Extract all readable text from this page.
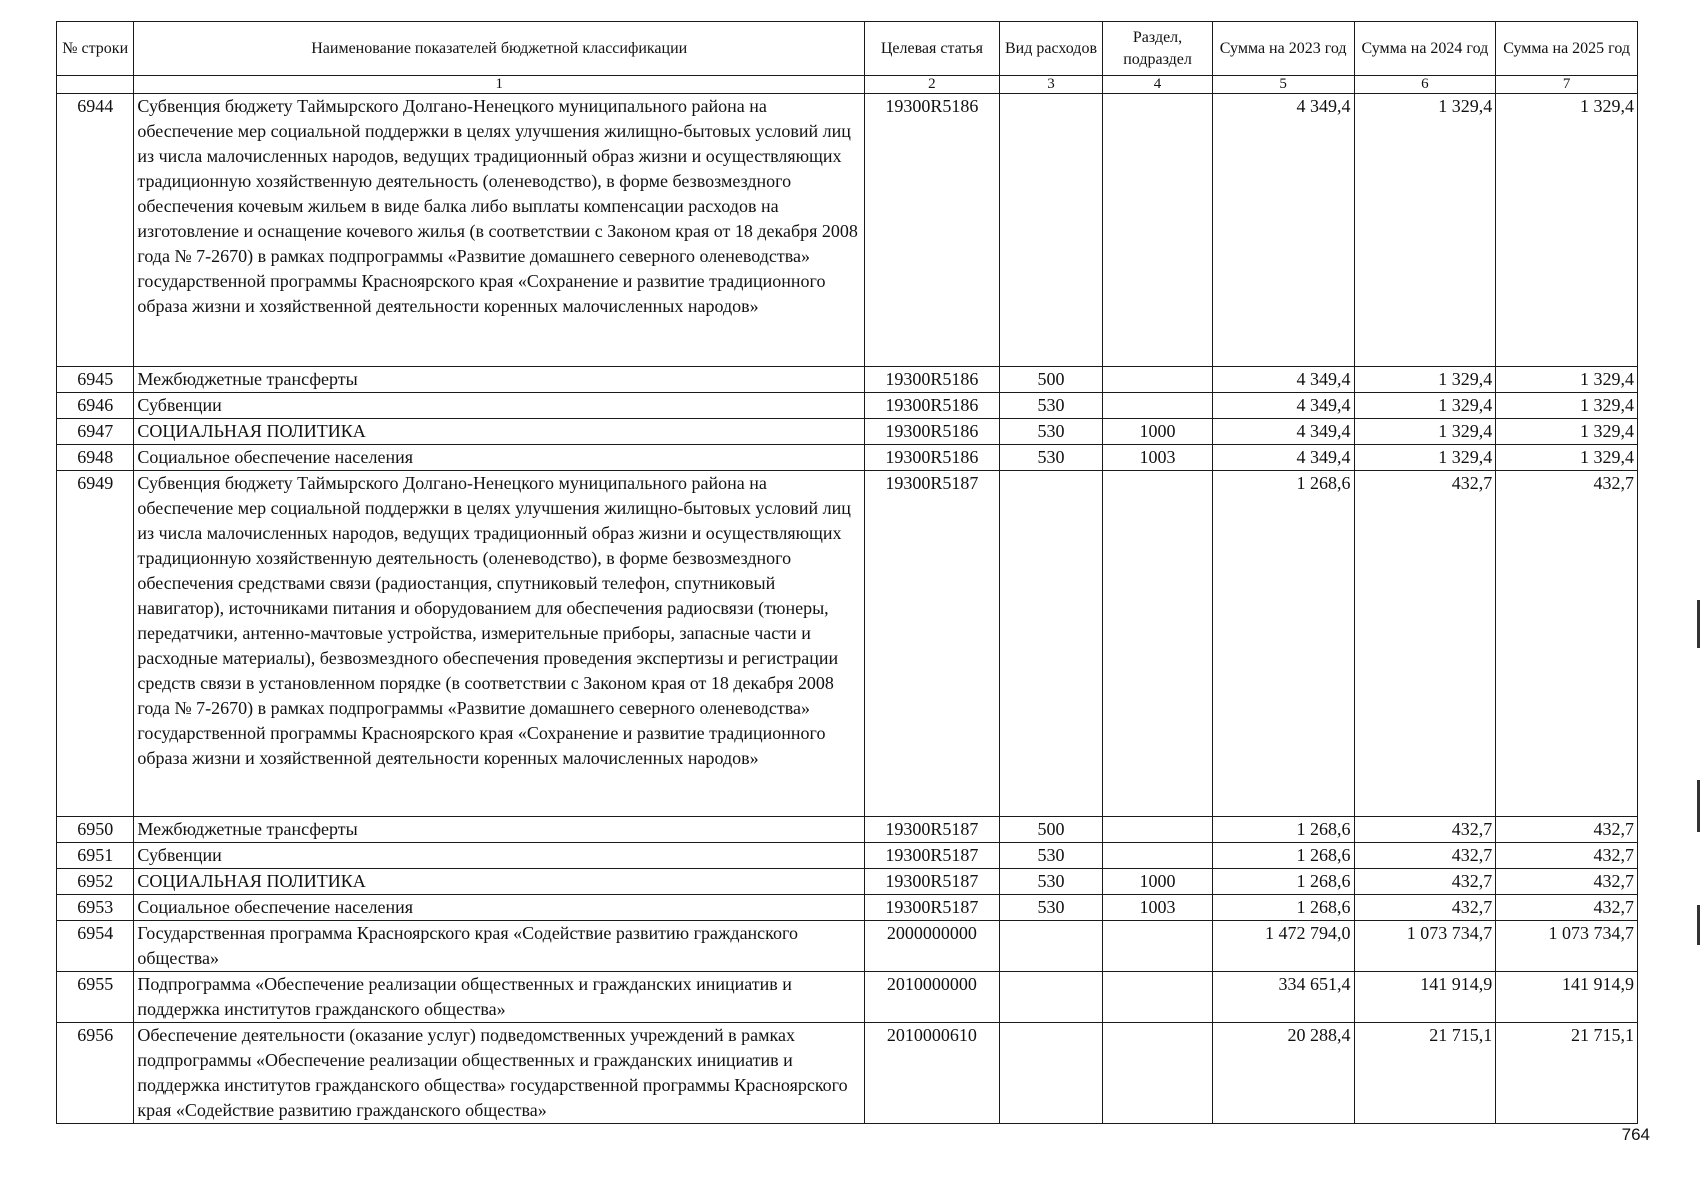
№ строки	Наименование показателей бюджетной классификации	Целевая статья	Вид расходов	Раздел, подраздел	Сумма на 2023 год	Сумма на 2024 год	Сумма на 2025 год
	1	2	3	4	5	6	7
6944	Субвенция бюджету Таймырского Долгано-Ненецкого муниципального района на обеспечение мер социальной поддержки в целях улучшения жилищно-бытовых условий лиц из числа малочисленных народов, ведущих традиционный образ жизни и осуществляющих традиционную хозяйственную деятельность (оленеводство), в форме безвозмездного обеспечения кочевым жильем в виде балка либо выплаты компенсации расходов на изготовление и оснащение кочевого жилья (в соответствии с Законом края от 18 декабря 2008 года № 7-2670) в рамках подпрограммы «Развитие домашнего северного оленеводства» государственной программы Красноярского края «Сохранение и развитие традиционного образа жизни и хозяйственной деятельности коренных малочисленных народов»	19300R5186			4 349,4	1 329,4	1 329,4
6945	Межбюджетные трансферты	19300R5186	500		4 349,4	1 329,4	1 329,4
6946	Субвенции	19300R5186	530		4 349,4	1 329,4	1 329,4
6947	СОЦИАЛЬНАЯ ПОЛИТИКА	19300R5186	530	1000	4 349,4	1 329,4	1 329,4
6948	Социальное обеспечение населения	19300R5186	530	1003	4 349,4	1 329,4	1 329,4
6949	Субвенция бюджету Таймырского Долгано-Ненецкого муниципального района на обеспечение мер социальной поддержки в целях улучшения жилищно-бытовых условий лиц из числа малочисленных народов, ведущих традиционный образ жизни и осуществляющих традиционную хозяйственную деятельность (оленеводство), в форме безвозмездного обеспечения средствами связи (радиостанция, спутниковый телефон, спутниковый навигатор), источниками питания и оборудованием для обеспечения радиосвязи (тюнеры, передатчики, антенно-мачтовые устройства, измерительные приборы, запасные части и расходные материалы), безвозмездного обеспечения проведения экспертизы и регистрации средств связи в установленном порядке (в соответствии с Законом края от 18 декабря 2008 года № 7-2670) в рамках подпрограммы «Развитие домашнего северного оленеводства» государственной программы Красноярского края «Сохранение и развитие традиционного образа жизни и хозяйственной деятельности коренных малочисленных народов»	19300R5187			1 268,6	432,7	432,7
6950	Межбюджетные трансферты	19300R5187	500		1 268,6	432,7	432,7
6951	Субвенции	19300R5187	530		1 268,6	432,7	432,7
6952	СОЦИАЛЬНАЯ ПОЛИТИКА	19300R5187	530	1000	1 268,6	432,7	432,7
6953	Социальное обеспечение населения	19300R5187	530	1003	1 268,6	432,7	432,7
6954	Государственная программа Красноярского края «Содействие развитию гражданского общества»	2000000000			1 472 794,0	1 073 734,7	1 073 734,7
6955	Подпрограмма «Обеспечение реализации общественных и гражданских инициатив и поддержка институтов гражданского общества»	2010000000			334 651,4	141 914,9	141 914,9
6956	Обеспечение деятельности (оказание услуг) подведомственных учреждений в рамках подпрограммы «Обеспечение реализации общественных и гражданских инициатив и поддержка институтов гражданского общества» государственной программы Красноярского края «Содействие развитию гражданского общества»	2010000610			20 288,4	21 715,1	21 715,1
764
